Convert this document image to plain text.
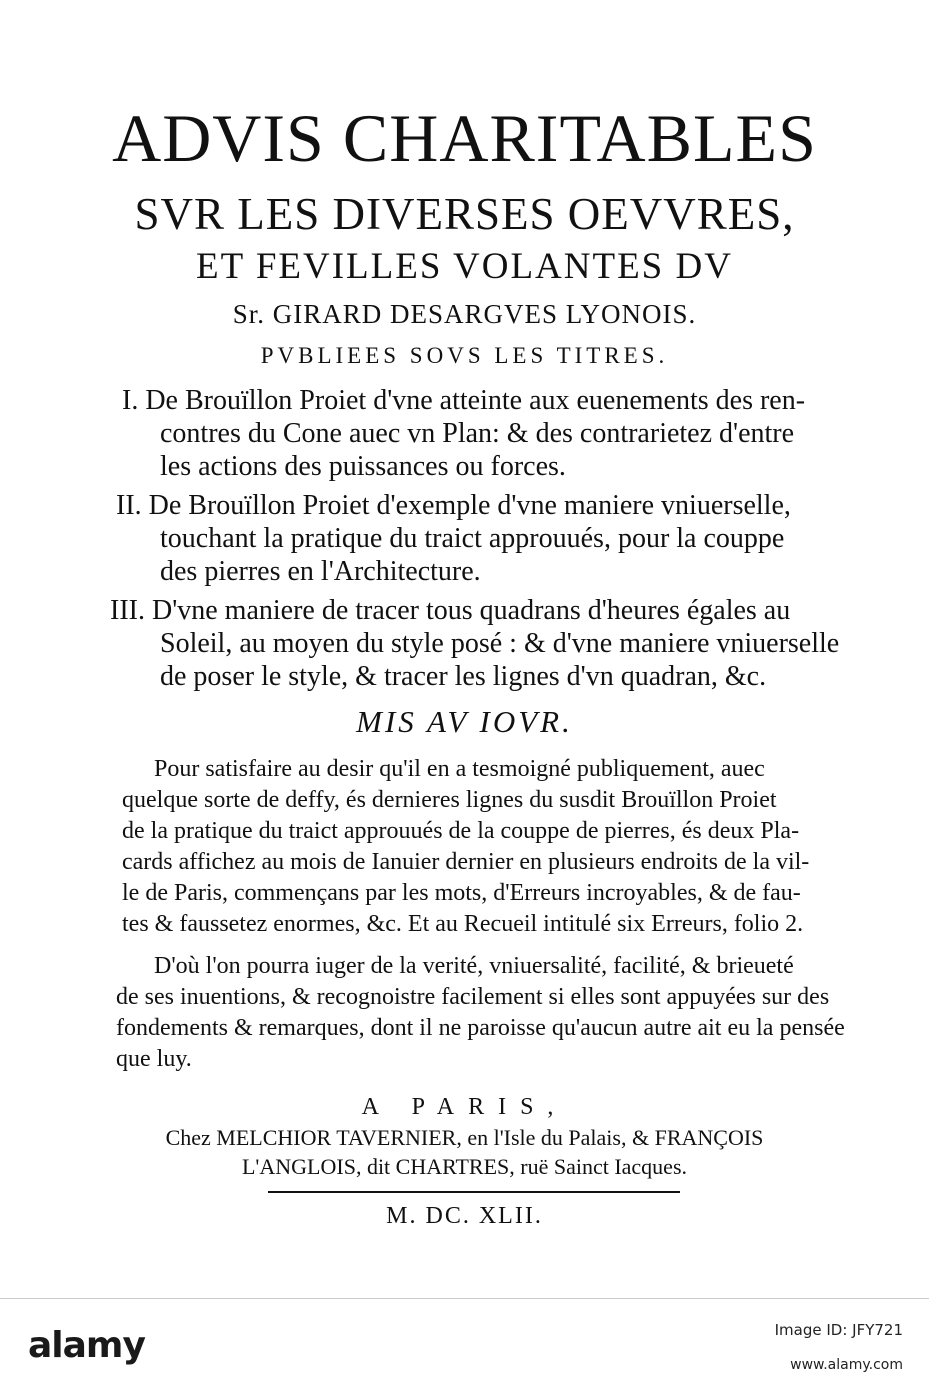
ADVIS CHARITABLES

SVR LES DIVERSES OEVVRES,

ET FEVILLES VOLANTES DV

Sr. GIRARD DESARGVES LYONOIS.

PVBLIEES SOVS LES TITRES.

I. De Brouïllon Proiet d'vne atteinte aux euenements des ren-

contres du Cone auec vn Plan: & des contrarietez d'entre

les actions des puissances ou forces.

II. De Brouïllon Proiet d'exemple d'vne maniere vniuerselle,

touchant la pratique du traict approuués, pour la couppe

des pierres en l'Architecture.

III. D'vne maniere de tracer tous quadrans d'heures égales au

Soleil, au moyen du style posé : & d'vne maniere vniuerselle

de poser le style, & tracer les lignes d'vn quadran, &c.

MIS AV IOVR.

Pour satisfaire au desir qu'il en a tesmoigné publiquement, auec

quelque sorte de deffy, és dernieres lignes du susdit Brouïllon Proiet

de la pratique du traict approuués de la couppe de pierres, és deux Pla-

cards affichez au mois de Ianuier dernier en plusieurs endroits de la vil-

le de Paris, commençans par les mots, d'Erreurs incroyables, & de fau-

tes & faussetez enormes, &c. Et au Recueil intitulé six Erreurs, folio 2.

D'où l'on pourra iuger de la verité, vniuersalité, facilité, & brieueté

de ses inuentions, & recognoistre facilement si elles sont appuyées sur des

fondements & remarques, dont il ne paroisse qu'aucun autre ait eu la pensée

que luy.

A PARIS,

Chez MELCHIOR TAVERNIER, en l'Isle du Palais, & FRANÇOIS

L'ANGLOIS, dit CHARTRES, ruë Sainct Iacques.

M. DC. XLII.

alamy	Image ID: JFY721
www.alamy.com
